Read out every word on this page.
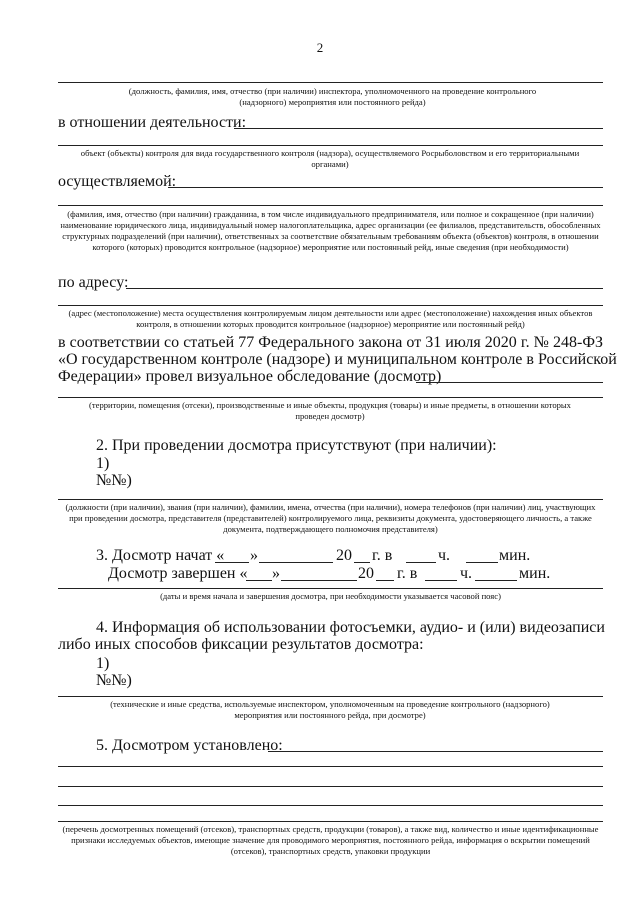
2
(должность, фамилия, имя, отчество (при наличии) инспектора, уполномоченного на проведение контрольного (надзорного) мероприятия или постоянного рейда)
в отношении деятельности:
объект (объекты) контроля для вида государственного контроля (надзора), осуществляемого Росрыболовством и его территориальными органами)
осуществляемой:
(фамилия, имя, отчество (при наличии) гражданина, в том числе индивидуального предпринимателя, или полное и сокращенное (при наличии) наименование юридического лица, индивидуальный номер налогоплательщика, адрес организации (ее филиалов, представительств, обособленных структурных подразделений (при наличии), ответственных за соответствие обязательным требованиям объекта (объектов) контроля, в отношении которого (которых) проводится контрольное (надзорное) мероприятие или постоянный рейд, иные сведения (при необходимости)
по адресу:
(адрес (местоположение) места осуществления контролируемым лицом деятельности или адрес (местоположение) нахождения иных объектов контроля, в отношении которых проводится контрольное (надзорное) мероприятие или постоянный рейд)
в соответствии со статьей 77 Федерального закона от 31 июля 2020 г. № 248-ФЗ
«О государственном контроле (надзоре) и муниципальном контроле в Российской
Федерации» провел визуальное обследование (досмотр)
(территории, помещения (отсеки), производственные и иные объекты, продукция (товары) и иные предметы, в отношении которых проведен досмотр)
2. При проведении досмотра присутствуют (при наличии):
1)
№№)
(должности (при наличии), звания (при наличии), фамилии, имена, отчества (при наличии), номера телефонов (при наличии) лиц, участвующих при проведении досмотра, представителя (представителей) контролируемого лица, реквизиты документа, удостоверяющего личность, а также документа, подтверждающего полномочия представителя)
3. Досмотр начат « »	20 г. в	ч.	мин.
Досмотр завершен « »	20 г. в	ч.	мин.
(даты и время начала и завершения досмотра, при необходимости указывается часовой пояс)
4. Информация об использовании фотосъемки, аудио- и (или) видеозаписи
либо иных способов фиксации результатов досмотра:
1)
№№)
(технические и иные средства, используемые инспектором, уполномоченным на проведение контрольного (надзорного) мероприятия или постоянного рейда, при досмотре)
5. Досмотром установлено:
(перечень досмотренных помещений (отсеков), транспортных средств, продукции (товаров), а также вид, количество и иные идентификационные признаки исследуемых объектов, имеющие значение для проводимого мероприятия, постоянного рейда, информация о вскрытии помещений (отсеков), транспортных средств, упаковки продукции
